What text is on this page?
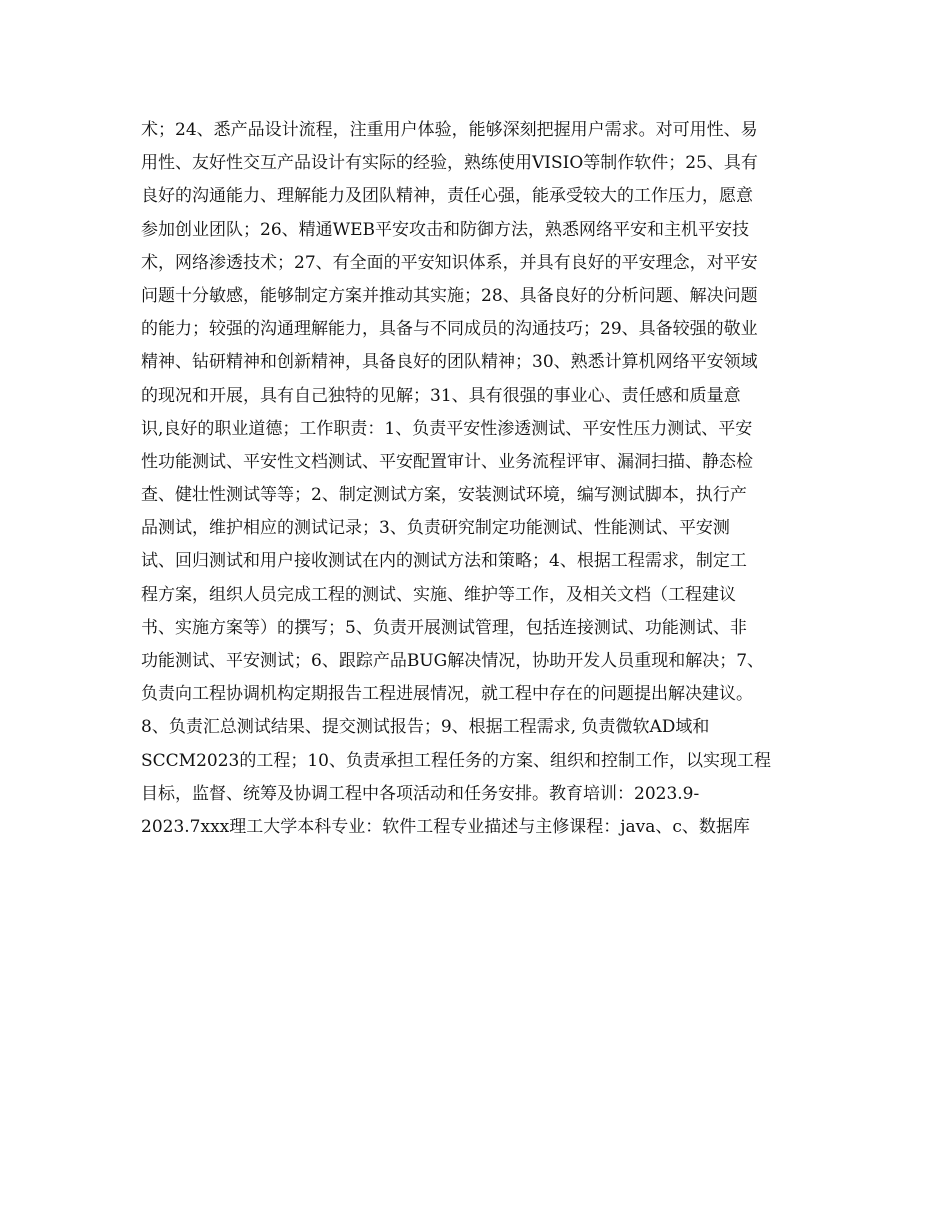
术；24、悉产品设计流程，注重用户体验，能够深刻把握用户需求。对可用性、易
用性、友好性交互产品设计有实际的经验，熟练使用VISIO等制作软件；25、具有
良好的沟通能力、理解能力及团队精神，责任心强，能承受较大的工作压力，愿意
参加创业团队；26、精通WEB平安攻击和防御方法，熟悉网络平安和主机平安技
术，网络渗透技术；27、有全面的平安知识体系，并具有良好的平安理念，对平安
问题十分敏感，能够制定方案并推动其实施；28、具备良好的分析问题、解决问题
的能力；较强的沟通理解能力，具备与不同成员的沟通技巧；29、具备较强的敬业
精神、钻研精神和创新精神，具备良好的团队精神；30、熟悉计算机网络平安领域
的现况和开展，具有自己独特的见解；31、具有很强的事业心、责任感和质量意
识,良好的职业道德；工作职责：1、负责平安性渗透测试、平安性压力测试、平安
性功能测试、平安性文档测试、平安配置审计、业务流程评审、漏洞扫描、静态检
查、健壮性测试等等；2、制定测试方案，安装测试环境，编写测试脚本，执行产
品测试，维护相应的测试记录；3、负责研究制定功能测试、性能测试、平安测
试、回归测试和用户接收测试在内的测试方法和策略；4、根据工程需求，制定工
程方案，组织人员完成工程的测试、实施、维护等工作，及相关文档（工程建议
书、实施方案等）的撰写；5、负责开展测试管理，包括连接测试、功能测试、非
功能测试、平安测试；6、跟踪产品BUG解决情况，协助开发人员重现和解决；7、
负责向工程协调机构定期报告工程进展情况，就工程中存在的问题提出解决建议。
8、负责汇总测试结果、提交测试报告；9、根据工程需求, 负责微软AD域和
SCCM2023的工程；10、负责承担工程任务的方案、组织和控制工作，以实现工程
目标，监督、统筹及协调工程中各项活动和任务安排。教育培训：2023.9-
2023.7xxx理工大学本科专业：软件工程专业描述与主修课程：java、c、数据库
